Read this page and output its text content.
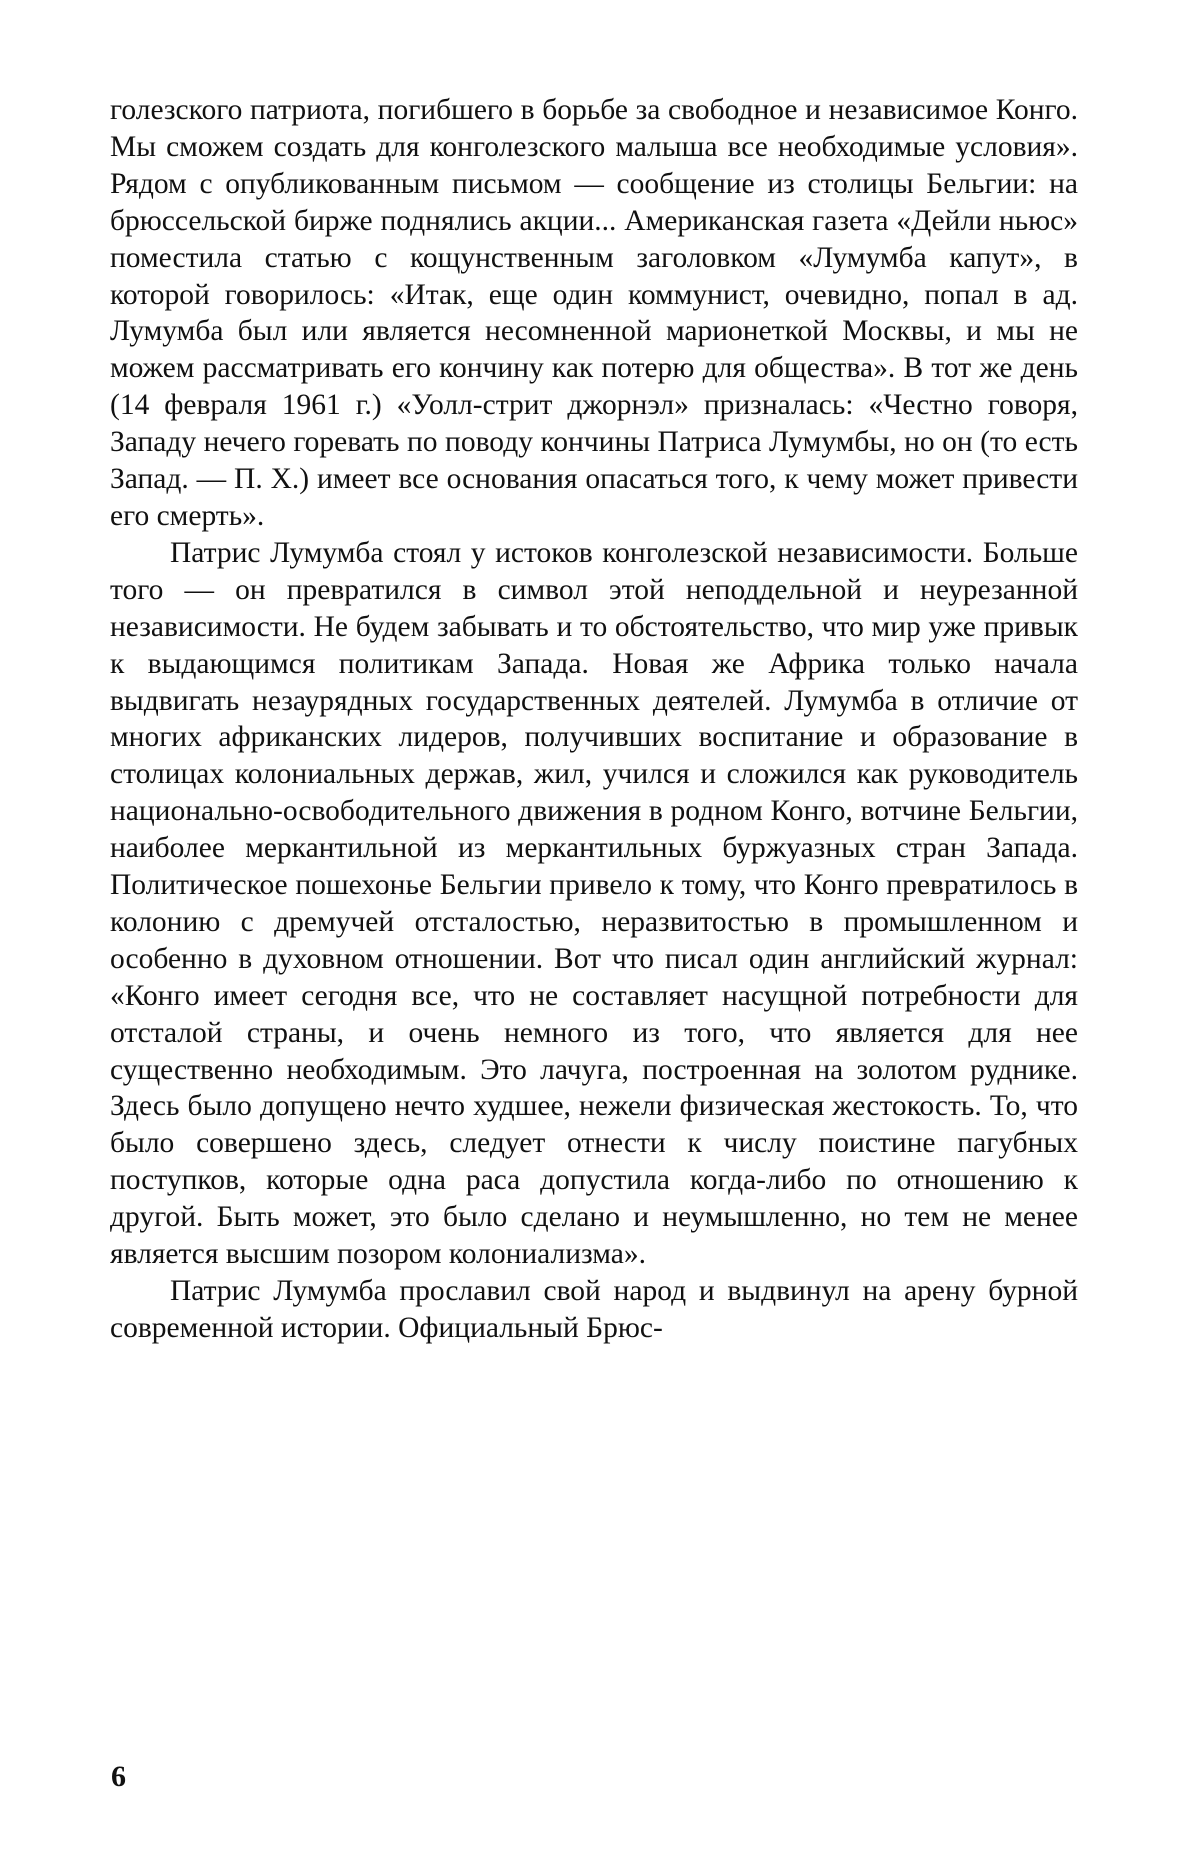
голезского патриота, погибшего в борьбе за свободное и независимое Конго. Мы сможем создать для конголезского малыша все необходимые условия». Рядом с опубликованным письмом — сообщение из столицы Бельгии: на брюссельской бирже поднялись акции... Американская газета «Дейли ньюс» поместила статью с кощунственным заголовком «Лумумба капут», в которой говорилось: «Итак, еще один коммунист, очевидно, попал в ад. Лумумба был или является несомненной марионеткой Москвы, и мы не можем рассматривать его кончину как потерю для общества». В тот же день (14 февраля 1961 г.) «Уолл-стрит джорнэл» призналась: «Честно говоря, Западу нечего горевать по поводу кончины Патриса Лумумбы, но он (то есть Запад. — П. Х.) имеет все основания опасаться того, к чему может привести его смерть».

Патрис Лумумба стоял у истоков конголезской независимости. Больше того — он превратился в символ этой неподдельной и неурезанной независимости. Не будем забывать и то обстоятельство, что мир уже привык к выдающимся политикам Запада. Новая же Африка только начала выдвигать незаурядных государственных деятелей. Лумумба в отличие от многих африканских лидеров, получивших воспитание и образование в столицах колониальных держав, жил, учился и сложился как руководитель национально-освободительного движения в родном Конго, вотчине Бельгии, наиболее меркантильной из меркантильных буржуазных стран Запада. Политическое пошехонье Бельгии привело к тому, что Конго превратилось в колонию с дремучей отсталостью, неразвитостью в промышленном и особенно в духовном отношении. Вот что писал один английский журнал: «Конго имеет сегодня все, что не составляет насущной потребности для отсталой страны, и очень немного из того, что является для нее существенно необходимым. Это лачуга, построенная на золотом руднике. Здесь было допущено нечто худшее, нежели физическая жестокость. То, что было совершено здесь, следует отнести к числу поистине пагубных поступков, которые одна раса допустила когда-либо по отношению к другой. Быть может, это было сделано и неумышленно, но тем не менее является высшим позором колониализма».

Патрис Лумумба прославил свой народ и выдвинул на арену бурной современной истории. Официальный Брюс-

6
